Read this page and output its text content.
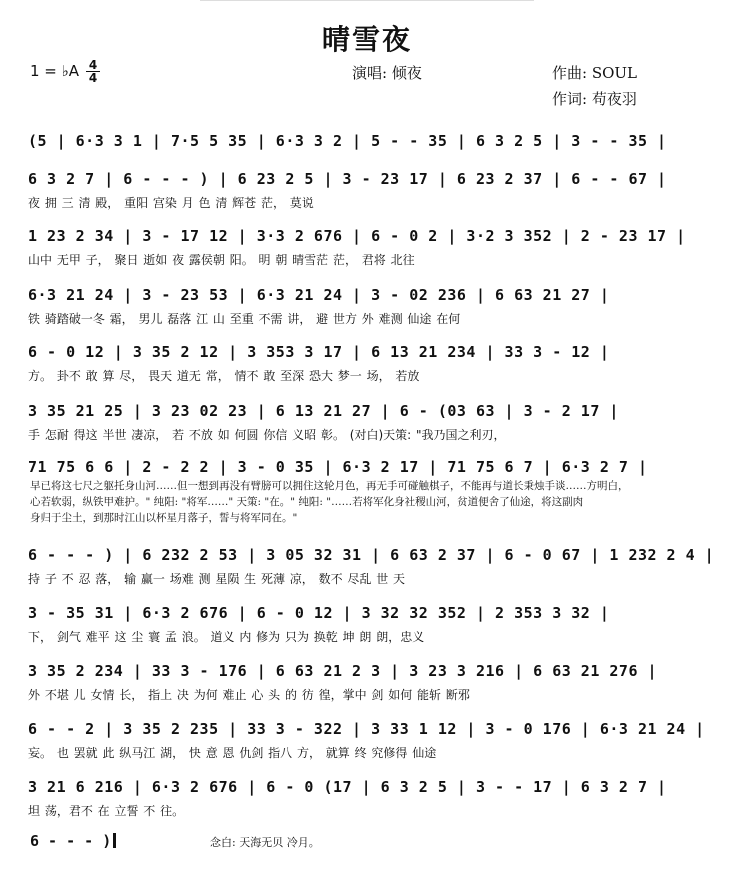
晴雪夜
1 = ♭A 4
4	演唱: 倾夜	作曲: SOUL
作词: 苟夜羽
(5 | 6·3 3 1 | 7·5 5 35 | 6·3 3 2 | 5 - - 35 | 6 3 2 5 | 3 - - 35 |
6 3 2 7 | 6 - - - ) | 6 23 2 5 | 3 - 23 17 | 6 23 2 37 | 6 - - 67 |
夜 拥 三 清 殿， 重阳 宫染 月 色 清 辉苍 茫， 莫说
1 23 2 34 | 3 - 17 12 | 3·3 2 676 | 6 - 0 2 | 3·2 3 352 | 2 - 23 17 |
山中 无甲 子， 聚日 逝如 夜 露侯朝 阳。 明 朝 晴雪茫 茫， 君将 北往
6·3 21 24 | 3 - 23 53 | 6·3 21 24 | 3 - 02 236 | 6 63 21 27 |
铁 骑踏破一冬 霜， 男儿 磊落 江 山 至重 不需 讲， 避 世方 外 难测 仙途 在何
6 - 0 12 | 3 35 2 12 | 3 353 3 17 | 6 13 21 234 | 33 3 - 12 |
方。 卦不 敢 算 尽， 畏天 道无 常， 情不 敢 至深 恐大 梦一 场， 若放
3 35 21 25 | 3 23 02 23 | 6 13 21 27 | 6 - (03 63 | 3 - 2 17 |
手 怎耐 得这 半世 凄凉， 若 不放 如 何圆 你信 义昭 彰。 (对白)天策: "我乃国之利刃，
71 75 6 6 | 2 - 2 2 | 3 - 0 35 | 6·3 2 17 | 71 75 6 7 | 6·3 2 7 |
早已将这七尺之躯托身山河……但一想到再没有臂膀可以拥住这轮月色，再无手可碰触棋子，不能再与道长秉烛手谈……方明白，
心若软弱，纵铁甲难护。" 纯阳: "将军……" 天策: "在。" 纯阳: "……若将军化身社稷山河，贫道便舍了仙途，将这副肉
身归于尘土，到那时江山以杯星月落子，誓与将军同在。"
6 - - - ) | 6 232 2 53 | 3 05 32 31 | 6 63 2 37 | 6 - 0 67 | 1 232 2 4 |
持 子 不 忍 落， 输 赢一 场难 测 星陨 生 死薄 凉， 数不 尽乱 世 天
3 - 35 31 | 6·3 2 676 | 6 - 0 12 | 3 32 32 352 | 2 353 3 32 |
下， 剑气 难平 这 尘 寰 孟 浪。 道义 内 修为 只为 换乾 坤 朗 朗，忠义
3 35 2 234 | 33 3 - 176 | 6 63 21 2 3 | 3 23 3 216 | 6 63 21 276 |
外 不堪 儿 女情 长， 指上 决 为何 难止 心 头 的 彷 徨，掌中 剑 如何 能斩 断邪
6 - - 2 | 3 35 2 235 | 33 3 - 322 | 3 33 1 12 | 3 - 0 176 | 6·3 21 24 |
妄。 也 罢就 此 纵马江 湖， 快 意 恩 仇剑 指八 方， 就算 终 究修得 仙途
3 21 6 216 | 6·3 2 676 | 6 - 0 (17 | 6 3 2 5 | 3 - - 17 | 6 3 2 7 |
坦 荡，君不 在 立誓 不 往。
6 - - - )	念白: 天海无贝 冷月。
